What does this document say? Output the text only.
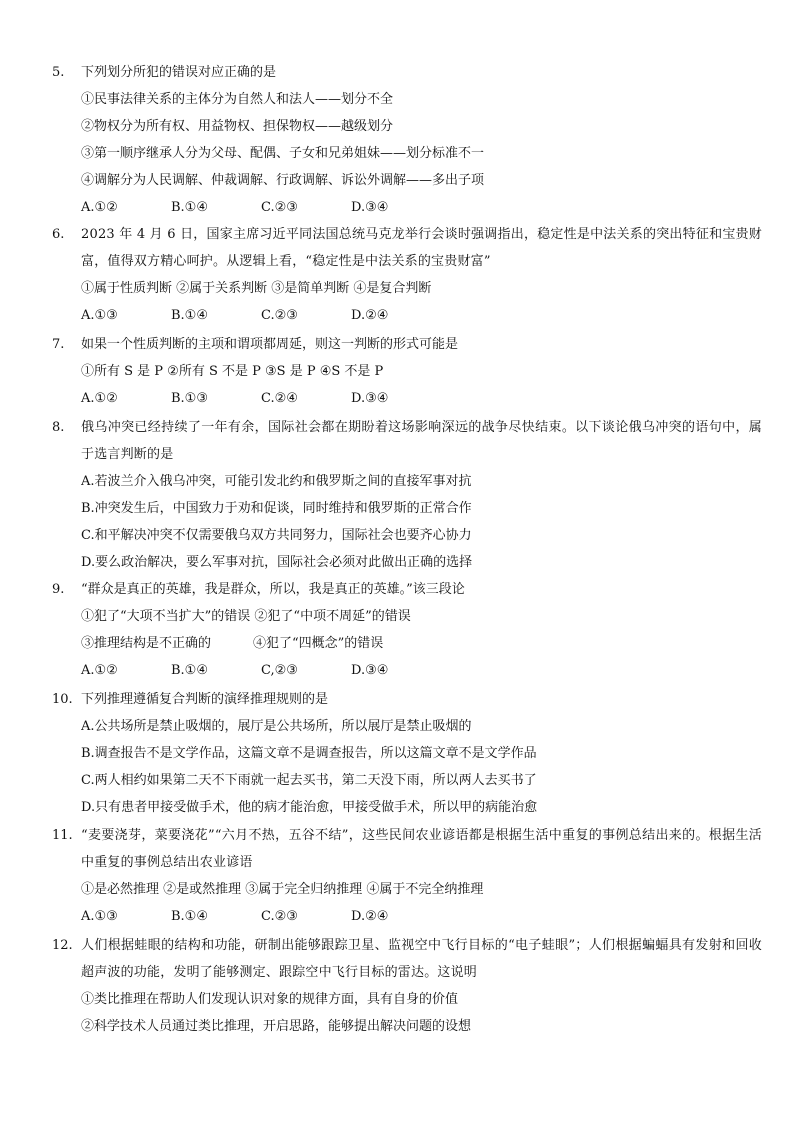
5. 下列划分所犯的错误对应正确的是
①民事法律关系的主体分为自然人和法人——划分不全
②物权分为所有权、用益物权、担保物权——越级划分
③第一顺序继承人分为父母、配偶、子女和兄弟姐妹——划分标准不一
④调解分为人民调解、仲裁调解、行政调解、诉讼外调解——多出子项
A.①②	B.①④	C.②③	D.③④
6. 2023 年 4 月 6 日，国家主席习近平同法国总统马克龙举行会谈时强调指出，稳定性是中法关系的突出特征和宝贵财富，值得双方精心呵护。从逻辑上看，“稳定性是中法关系的宝贵财富”
①属于性质判断 ②属于关系判断 ③是简单判断 ④是复合判断
A.①③	B.①④	C.②③	D.②④
7. 如果一个性质判断的主项和谓项都周延，则这一判断的形式可能是
①所有 S 是 P ②所有 S 不是 P ③S 是 P ④S 不是 P
A.①②	B.①③	C.②④	D.③④
8. 俄乌冲突已经持续了一年有余，国际社会都在期盼着这场影响深远的战争尽快结束。以下谈论俄乌冲突的语句中，属于选言判断的是
A.若波兰介入俄乌冲突，可能引发北约和俄罗斯之间的直接军事对抗
B.冲突发生后，中国致力于劝和促谈，同时维持和俄罗斯的正常合作
C.和平解决冲突不仅需要俄乌双方共同努力，国际社会也要齐心协力
D.要么政治解决，要么军事对抗，国际社会必须对此做出正确的选择
9. “群众是真正的英雄，我是群众，所以，我是真正的英雄。”该三段论
①犯了“大项不当扩大”的错误 ②犯了“中项不周延”的错误
③推理结构是不正确的	④犯了“四概念”的错误
A.①②	B.①④	C,②③	D.③④
10. 下列推理遵循复合判断的演绎推理规则的是
A.公共场所是禁止吸烟的，展厅是公共场所，所以展厅是禁止吸烟的
B.调查报告不是文学作品，这篇文章不是调查报告，所以这篇文章不是文学作品
C.两人相约如果第二天不下雨就一起去买书，第二天没下雨，所以两人去买书了
D.只有患者甲接受做手术，他的病才能治愈，甲接受做手术，所以甲的病能治愈
11. “麦要浇芽，菜要浇花”“六月不热，五谷不结”，这些民间农业谚语都是根据生活中重复的事例总结出来的。根据生活中重复的事例总结出农业谚语
①是必然推理 ②是或然推理 ③属于完全归纳推理 ④属于不完全纳推理
A.①③	B.①④	C.②③	D.②④
12. 人们根据蛙眼的结构和功能，研制出能够跟踪卫星、监视空中飞行目标的“电子蛙眼”；人们根据蝙蝠具有发射和回收超声波的功能，发明了能够测定、跟踪空中飞行目标的雷达。这说明
①类比推理在帮助人们发现认识对象的规律方面，具有自身的价值
②科学技术人员通过类比推理，开启思路，能够提出解决问题的设想
